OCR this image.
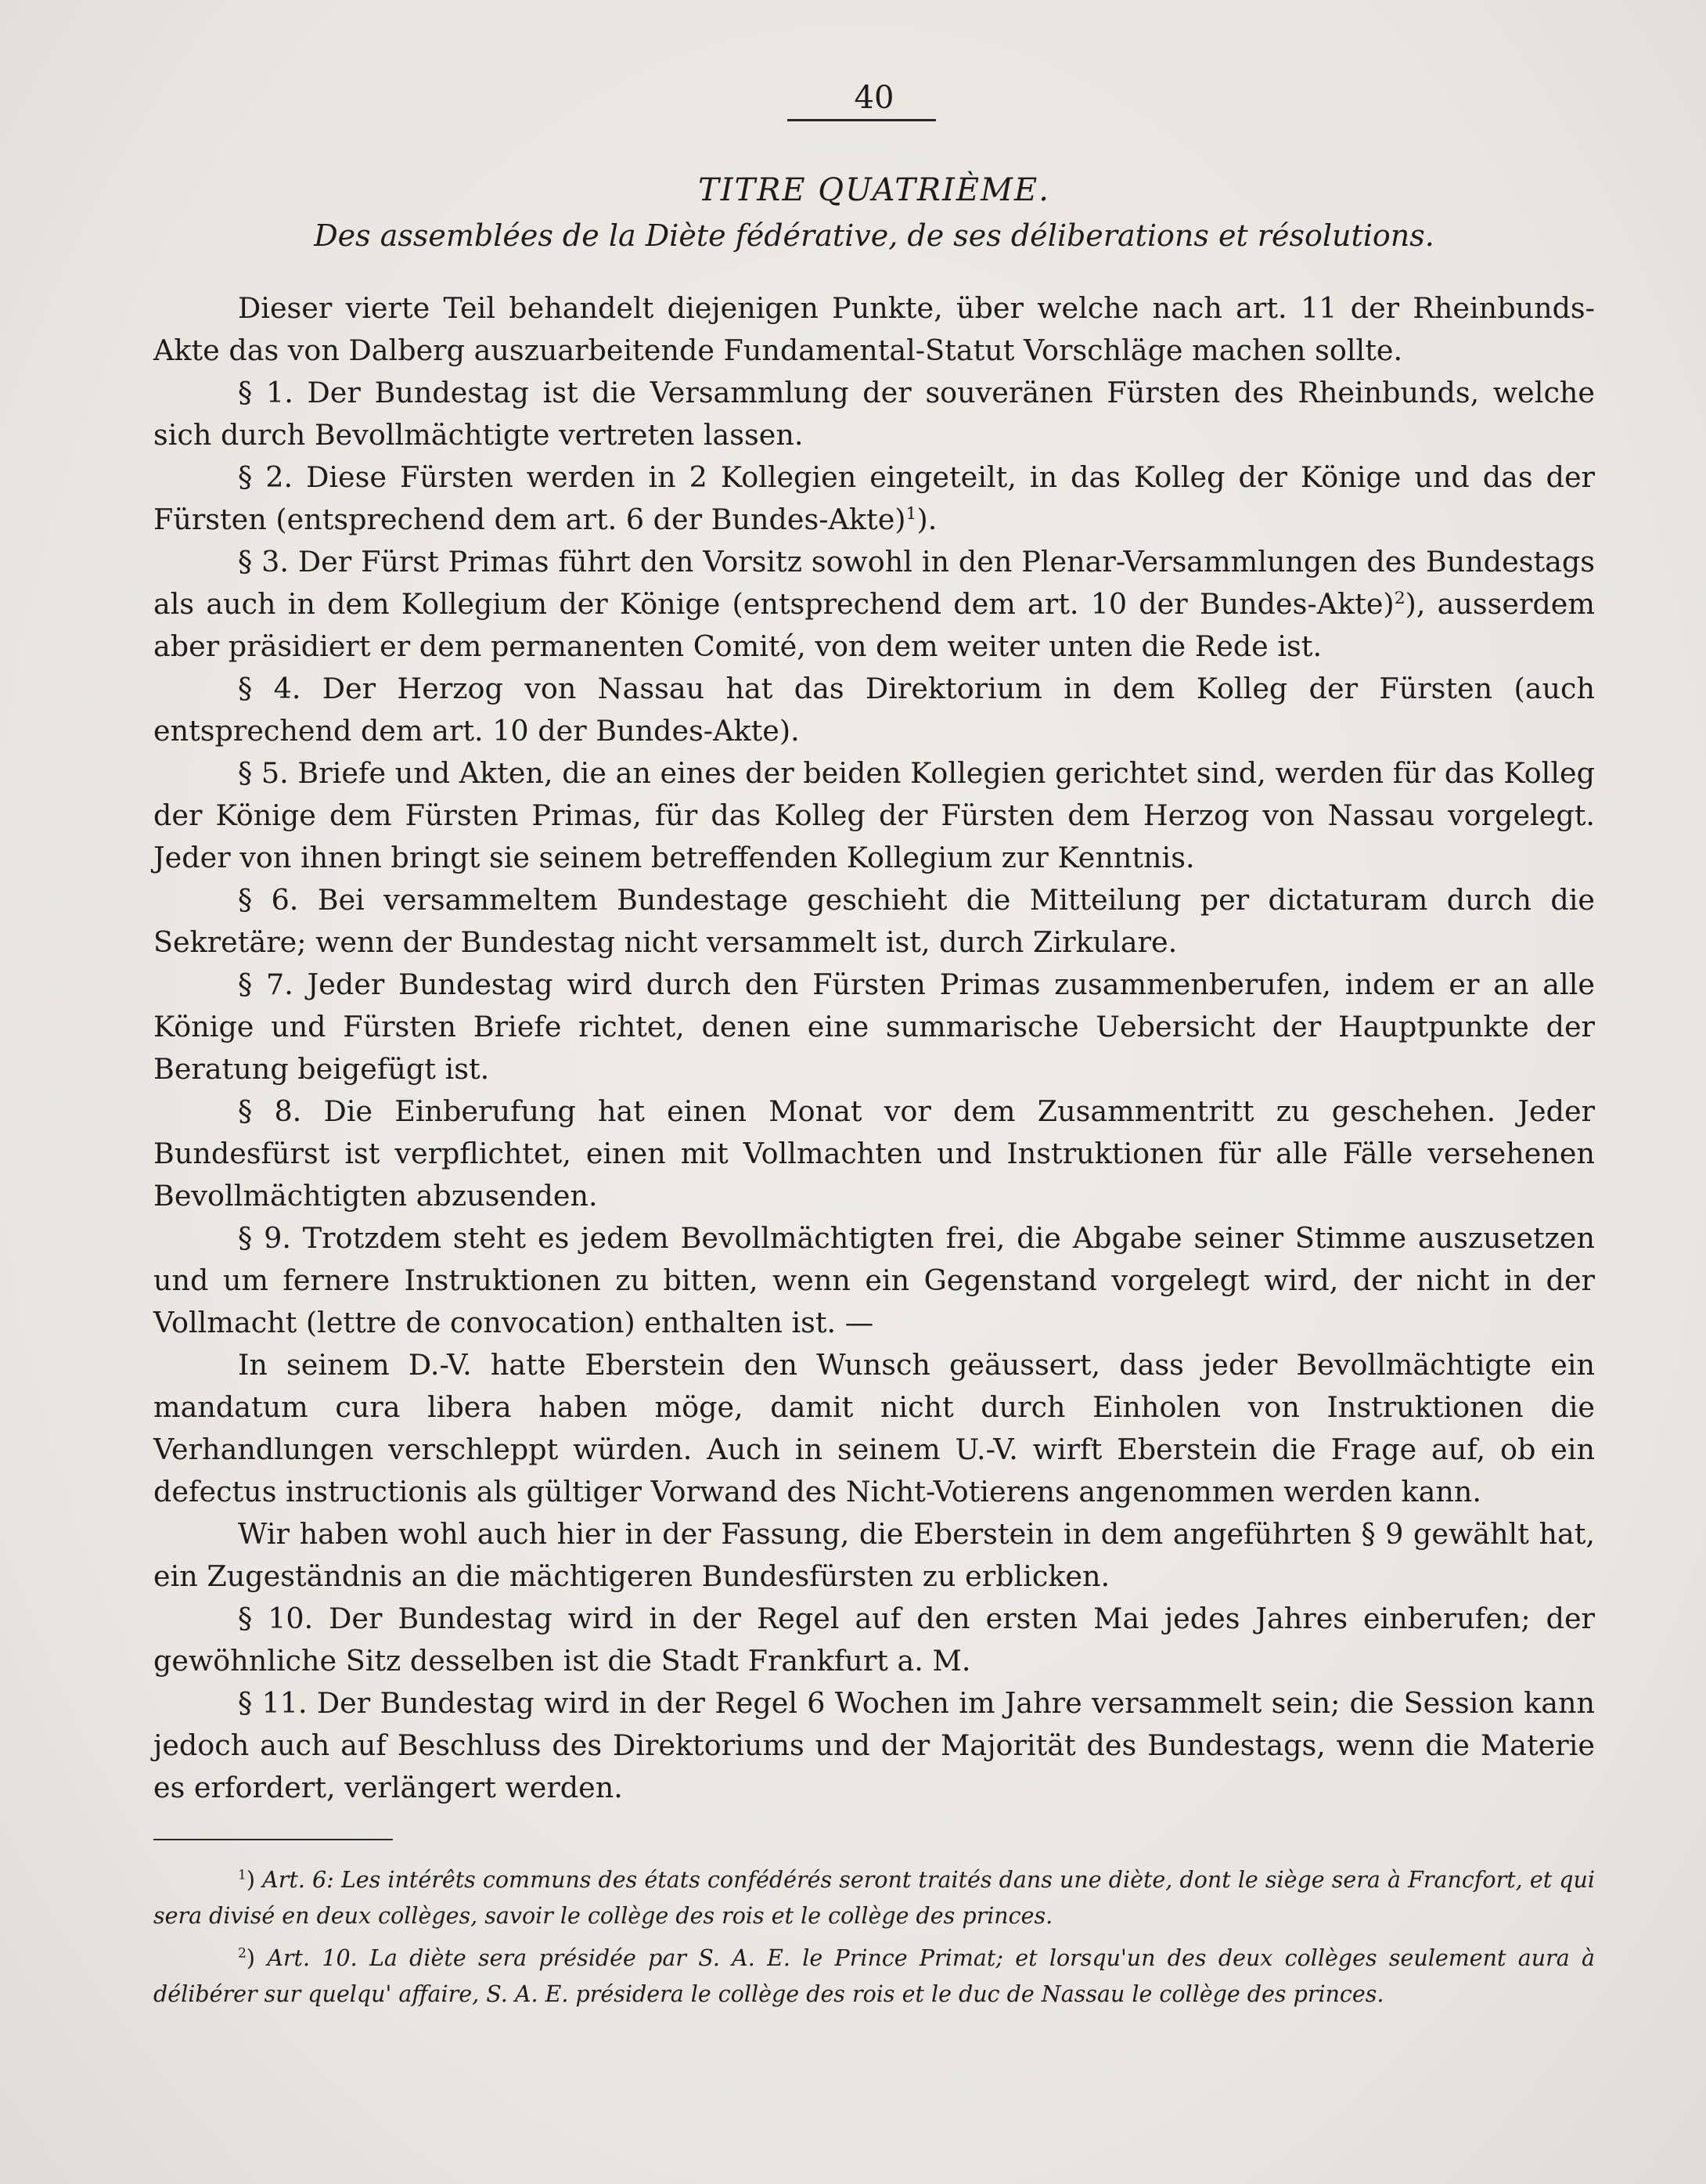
40
TITRE QUATRIÈME.
Des assemblées de la Diète fédérative, de ses déliberations et résolutions.

Dieser vierte Teil behandelt diejenigen Punkte, über welche nach art. 11 der Rheinbunds-Akte das von Dalberg auszuarbeitende Fundamental-Statut Vorschläge machen sollte.

§ 1. Der Bundestag ist die Versammlung der souveränen Fürsten des Rheinbunds, welche sich durch Bevollmächtigte vertreten lassen.

§ 2. Diese Fürsten werden in 2 Kollegien eingeteilt, in das Kolleg der Könige und das der Fürsten (entsprechend dem art. 6 der Bundes-Akte)$^1$).

§ 3. Der Fürst Primas führt den Vorsitz sowohl in den Plenar-Versammlungen des Bundestags als auch in dem Kollegium der Könige (entsprechend dem art. 10 der Bundes-Akte)$^2$), ausserdem aber präsidiert er dem permanenten Comité, von dem weiter unten die Rede ist.

§ 4. Der Herzog von Nassau hat das Direktorium in dem Kolleg der Fürsten (auch entsprechend dem art. 10 der Bundes-Akte).

§ 5. Briefe und Akten, die an eines der beiden Kollegien gerichtet sind, werden für das Kolleg der Könige dem Fürsten Primas, für das Kolleg der Fürsten dem Herzog von Nassau vorgelegt. Jeder von ihnen bringt sie seinem betreffenden Kollegium zur Kenntnis.

§ 6. Bei versammeltem Bundestage geschieht die Mitteilung per dictaturam durch die Sekretäre; wenn der Bundestag nicht versammelt ist, durch Zirkulare.

§ 7. Jeder Bundestag wird durch den Fürsten Primas zusammenberufen, indem er an alle Könige und Fürsten Briefe richtet, denen eine summarische Uebersicht der Hauptpunkte der Beratung beigefügt ist.

§ 8. Die Einberufung hat einen Monat vor dem Zusammentritt zu geschehen. Jeder Bundesfürst ist verpflichtet, einen mit Vollmachten und Instruktionen für alle Fälle versehenen Bevollmächtigten abzusenden.

§ 9. Trotzdem steht es jedem Bevollmächtigten frei, die Abgabe seiner Stimme auszusetzen und um fernere Instruktionen zu bitten, wenn ein Gegenstand vorgelegt wird, der nicht in der Vollmacht (lettre de convocation) enthalten ist. —

In seinem D.-V. hatte Eberstein den Wunsch geäussert, dass jeder Bevollmächtigte ein mandatum cura libera haben möge, damit nicht durch Einholen von Instruktionen die Verhandlungen verschleppt würden. Auch in seinem U.-V. wirft Eberstein die Frage auf, ob ein defectus instructionis als gültiger Vorwand des Nicht-Votierens angenommen werden kann.

Wir haben wohl auch hier in der Fassung, die Eberstein in dem angeführten § 9 gewählt hat, ein Zugeständnis an die mächtigeren Bundesfürsten zu erblicken.

§ 10. Der Bundestag wird in der Regel auf den ersten Mai jedes Jahres einberufen; der gewöhnliche Sitz desselben ist die Stadt Frankfurt a. M.

§ 11. Der Bundestag wird in der Regel 6 Wochen im Jahre versammelt sein; die Session kann jedoch auch auf Beschluss des Direktoriums und der Majorität des Bundestags, wenn die Materie es erfordert, verlängert werden.

$^1$) Art. 6: Les intérêts communs des états confédérés seront traités dans une diète, dont le siège sera à Francfort, et qui sera divisé en deux collèges, savoir le collège des rois et le collège des princes.

$^2$) Art. 10. La diète sera présidée par S. A. E. le Prince Primat; et lorsqu'un des deux collèges seulement aura à délibérer sur quelqu' affaire, S. A. E. présidera le collège des rois et le duc de Nassau le collège des princes.
